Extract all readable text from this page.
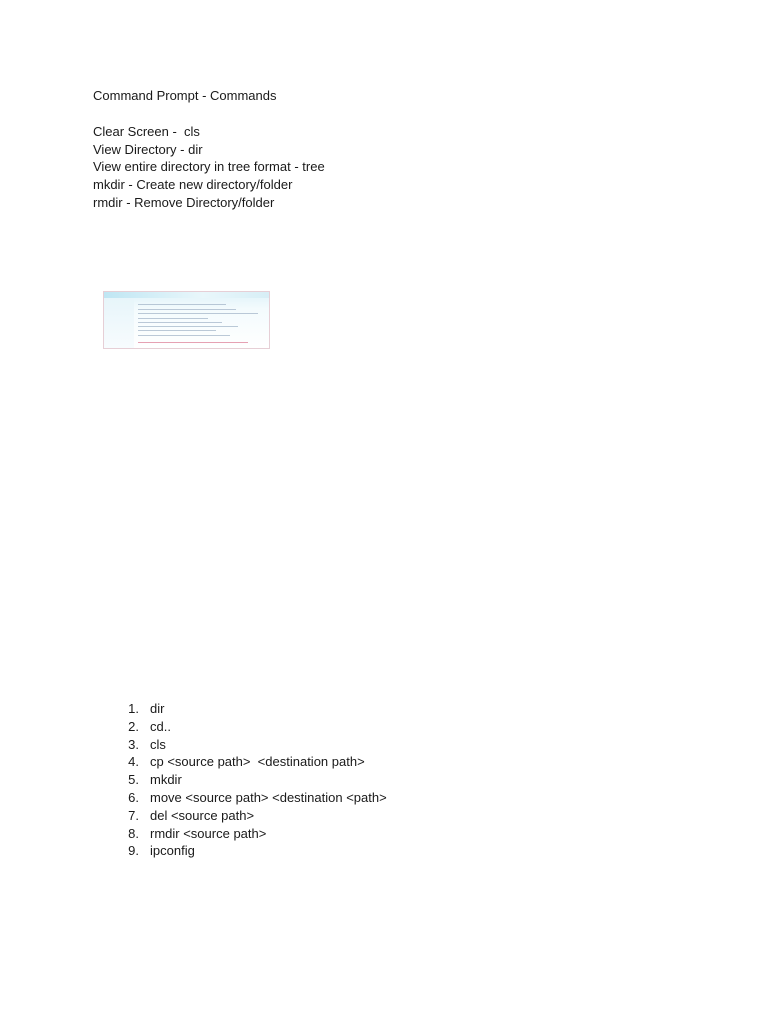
Command Prompt - Commands
Clear Screen -  cls
View Directory - dir
View entire directory in tree format - tree
mkdir - Create new directory/folder
rmdir - Remove Directory/folder
1. dir
2. cd..
3. cls
4. cp <source path>  <destination path>
5. mkdir
6. move <source path> <destination <path>
7. del <source path>
8. rmdir <source path>
9. ipconfig
